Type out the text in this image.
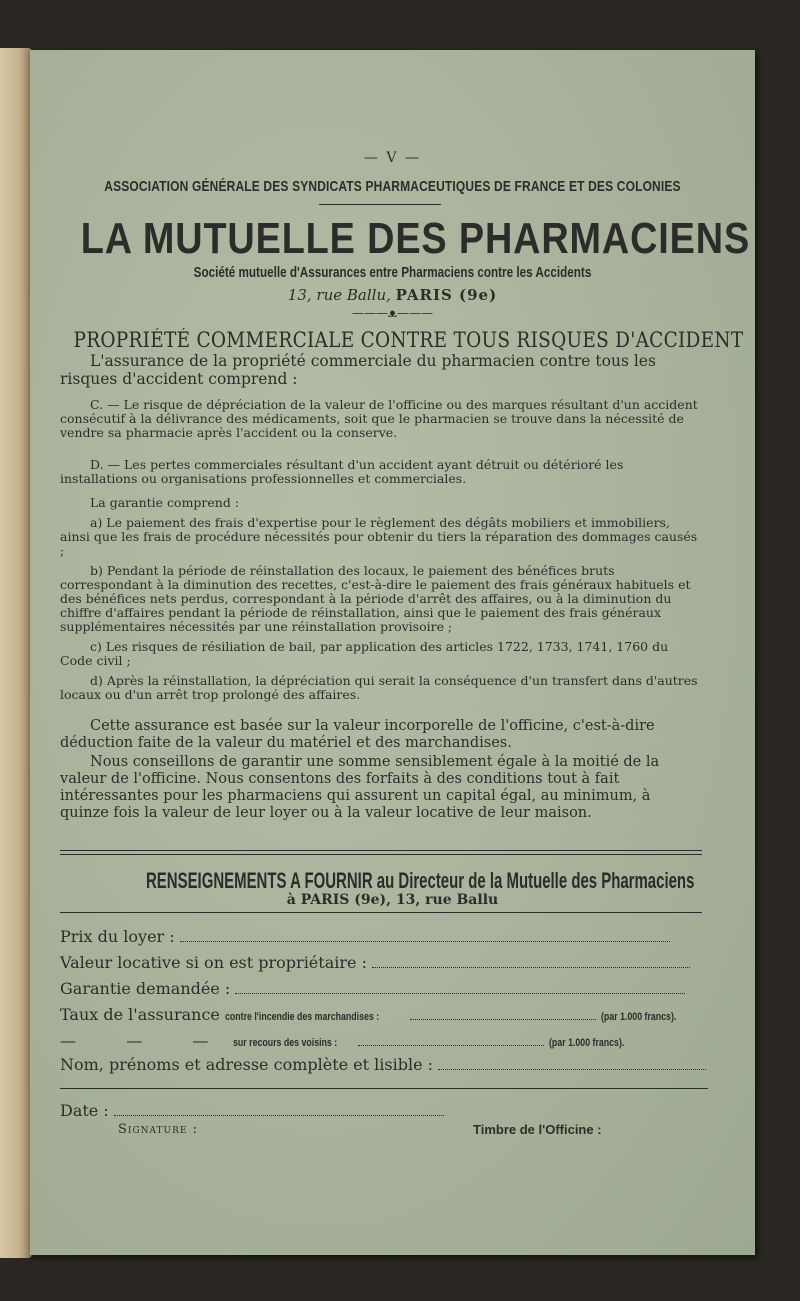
— V —
ASSOCIATION GÉNÉRALE DES SYNDICATS PHARMACEUTIQUES DE FRANCE ET DES COLONIES
LA MUTUELLE DES PHARMACIENS
Société mutuelle d'Assurances entre Pharmaciens contre les Accidents
13, rue Ballu, PARIS (9e)
———ᴥ———
PROPRIÉTÉ COMMERCIALE CONTRE TOUS RISQUES D'ACCIDENT
L'assurance de la propriété commerciale du pharmacien contre tous les risques d'accident comprend :
C. — Le risque de dépréciation de la valeur de l'officine ou des marques résultant d'un accident consécutif à la délivrance des médicaments, soit que le pharmacien se trouve dans la nécessité de vendre sa pharmacie après l'accident ou la conserve.
D. — Les pertes commerciales résultant d'un accident ayant détruit ou détérioré les installations ou organisations professionnelles et commerciales.
La garantie comprend :
a) Le paiement des frais d'expertise pour le règlement des dégâts mobiliers et immobiliers, ainsi que les frais de procédure nécessités pour obtenir du tiers la réparation des dommages causés ;
b) Pendant la période de réinstallation des locaux, le paiement des bénéfices bruts correspondant à la diminution des recettes, c'est-à-dire le paiement des frais généraux habituels et des bénéfices nets perdus, correspondant à la période d'arrêt des affaires, ou à la diminution du chiffre d'affaires pendant la période de réinstallation, ainsi que le paiement des frais généraux supplémentaires nécessités par une réinstallation provisoire ;
c) Les risques de résiliation de bail, par application des articles 1722, 1733, 1741, 1760 du Code civil ;
d) Après la réinstallation, la dépréciation qui serait la conséquence d'un transfert dans d'autres locaux ou d'un arrêt trop prolongé des affaires.
Cette assurance est basée sur la valeur incorporelle de l'officine, c'est-à-dire déduction faite de la valeur du matériel et des marchandises.
Nous conseillons de garantir une somme sensiblement égale à la moitié de la valeur de l'officine. Nous consentons des forfaits à des conditions tout à fait intéressantes pour les pharmaciens qui assurent un capital égal, au minimum, à quinze fois la valeur de leur loyer ou à la valeur locative de leur maison.
RENSEIGNEMENTS A FOURNIR au Directeur de la Mutuelle des Pharmaciens
à PARIS (9e), 13, rue Ballu
Prix du loyer :
Valeur locative si on est propriétaire :
Garantie demandée :
Taux de l'assurance contre l'incendie des marchandises :	(par 1.000 francs).
—	—	— sur recours des voisins :	(par 1.000 francs).
Nom, prénoms et adresse complète et lisible :
Date :
Signature :	Timbre de l'Officine :
